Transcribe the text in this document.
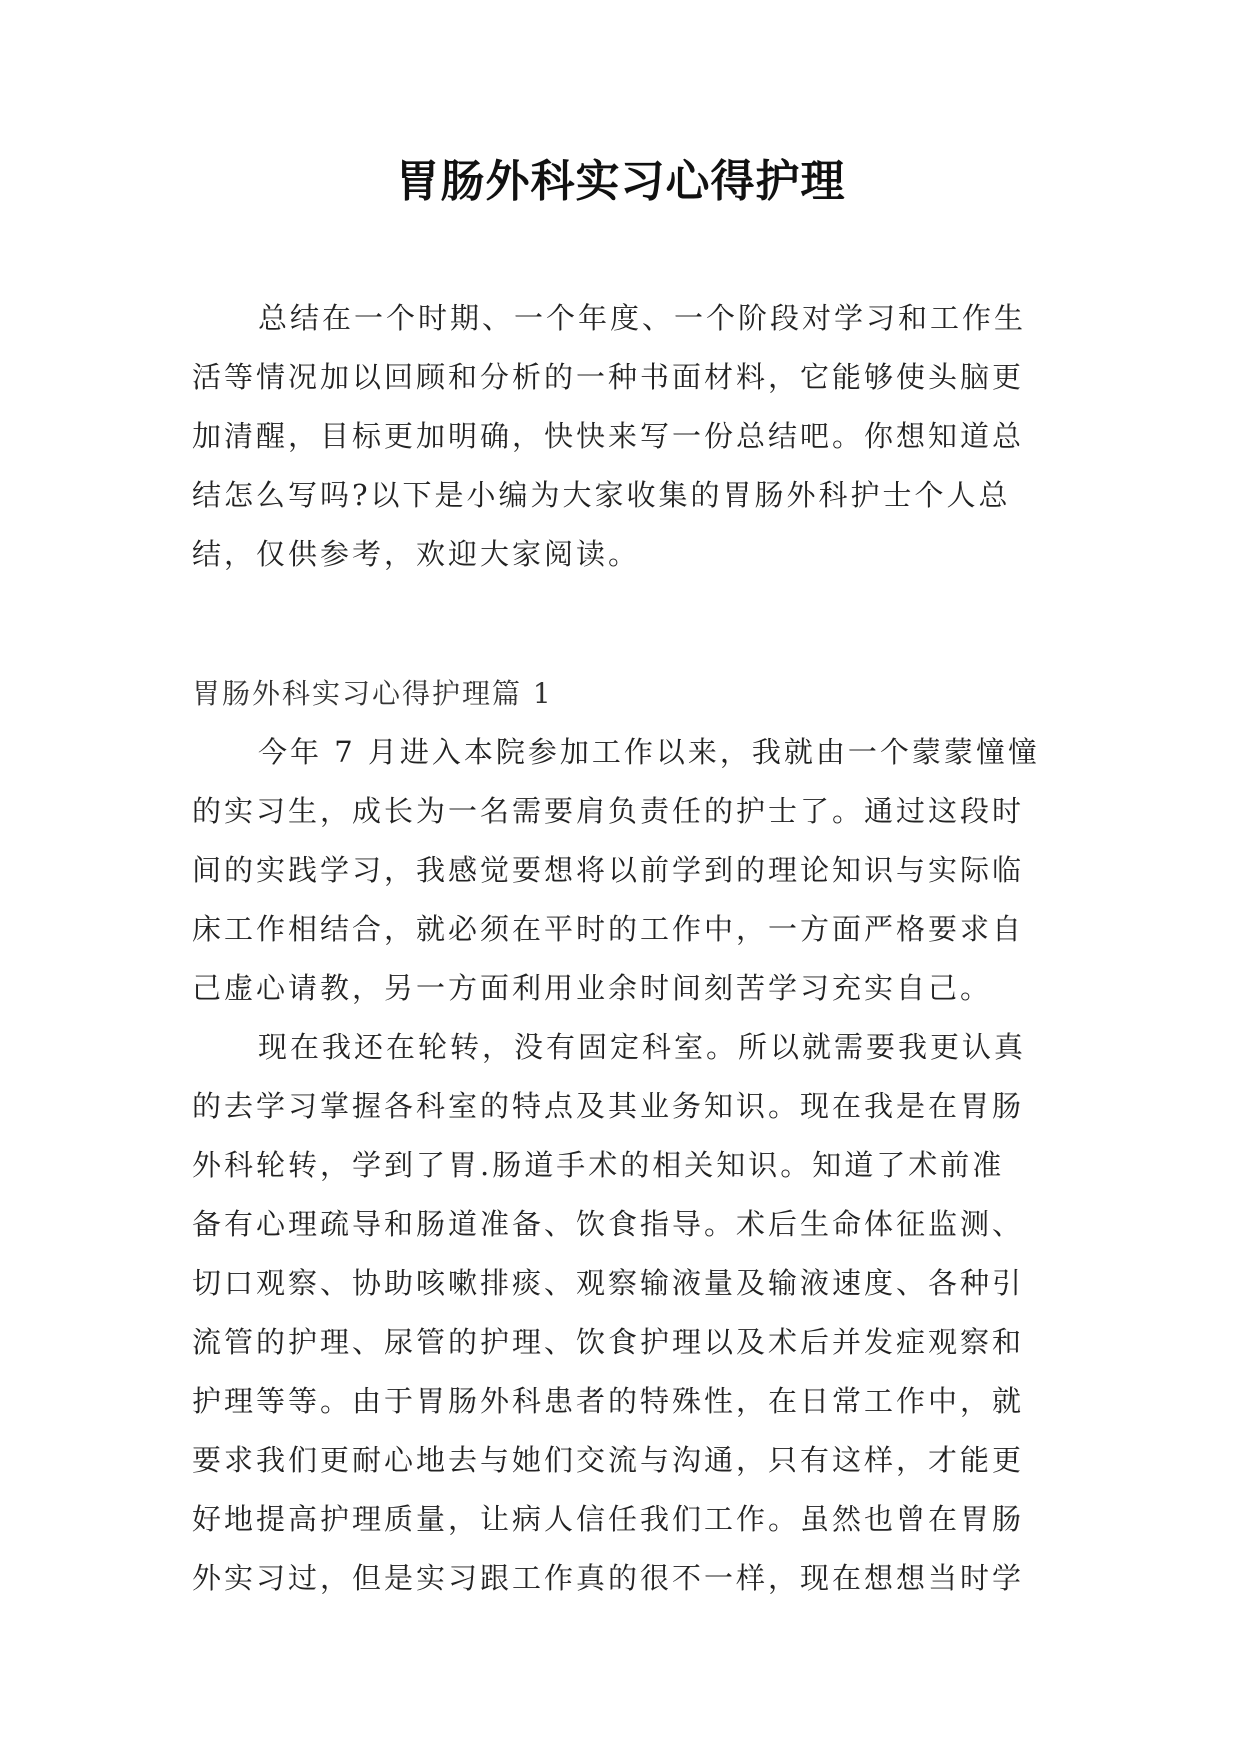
胃肠外科实习心得护理
总结在一个时期、一个年度、一个阶段对学习和工作生
活等情况加以回顾和分析的一种书面材料，它能够使头脑更
加清醒，目标更加明确，快快来写一份总结吧。你想知道总
结怎么写吗?以下是小编为大家收集的胃肠外科护士个人总
结，仅供参考，欢迎大家阅读。
胃肠外科实习心得护理篇 1
今年 7 月进入本院参加工作以来，我就由一个蒙蒙憧憧
的实习生，成长为一名需要肩负责任的护士了。通过这段时
间的实践学习，我感觉要想将以前学到的理论知识与实际临
床工作相结合，就必须在平时的工作中，一方面严格要求自
己虚心请教，另一方面利用业余时间刻苦学习充实自己。
现在我还在轮转，没有固定科室。所以就需要我更认真
的去学习掌握各科室的特点及其业务知识。现在我是在胃肠
外科轮转，学到了胃.肠道手术的相关知识。知道了术前准
备有心理疏导和肠道准备、饮食指导。术后生命体征监测、
切口观察、协助咳嗽排痰、观察输液量及输液速度、各种引
流管的护理、尿管的护理、饮食护理以及术后并发症观察和
护理等等。由于胃肠外科患者的特殊性，在日常工作中，就
要求我们更耐心地去与她们交流与沟通，只有这样，才能更
好地提高护理质量，让病人信任我们工作。虽然也曾在胃肠
外实习过，但是实习跟工作真的很不一样，现在想想当时学
